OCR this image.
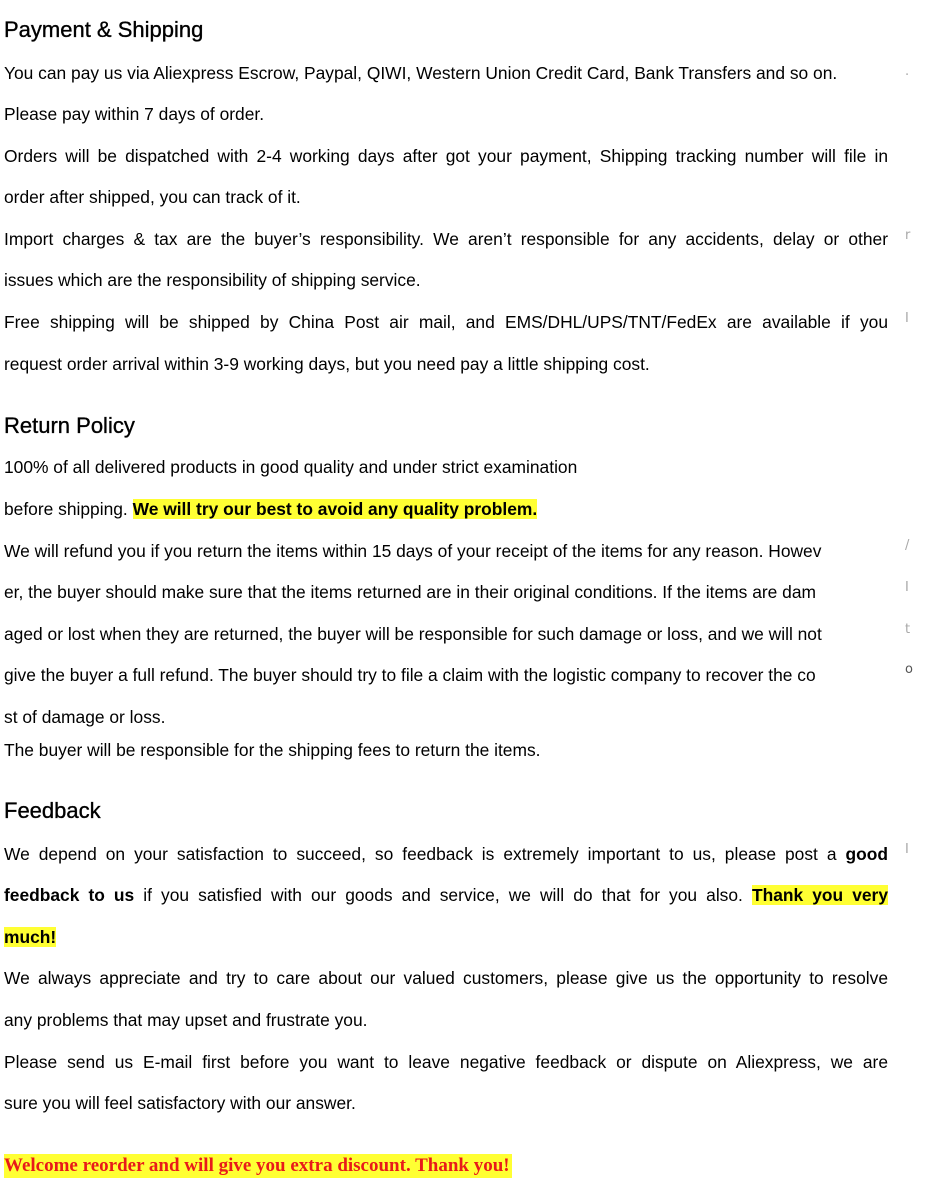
Payment & Shipping
You can pay us via Aliexpress Escrow, Paypal, QIWI, Western Union Credit Card, Bank Transfers and so on.
Please pay within 7 days of order.
Orders will be dispatched with 2-4 working days after got your payment, Shipping tracking number will file in
order after shipped, you can track of it.
Import charges & tax are the buyer’s responsibility. We aren’t responsible for any accidents, delay or other
issues which are the responsibility of shipping service.
Free shipping will be shipped by China Post air mail, and EMS/DHL/UPS/TNT/FedEx are available if you
request order arrival within 3-9 working days, but you need pay a little shipping cost.
Return Policy
100% of all delivered products in good quality and under strict examination
before shipping. We will try our best to avoid any quality problem.
We will refund you if you return the items within 15 days of your receipt of the items for any reason. Howev
er, the buyer should make sure that the items returned are in their original conditions. If the items are dam
aged or lost when they are returned, the buyer will be responsible for such damage or loss, and we will not
give the buyer a full refund. The buyer should try to file a claim with the logistic company to recover the co
st of damage or loss.
The buyer will be responsible for the shipping fees to return the items.
Feedback
We depend on your satisfaction to succeed, so feedback is extremely important to us, please post a good
feedback to us if you satisfied with our goods and service, we will do that for you also. Thank you very
much!
We always appreciate and try to care about our valued customers, please give us the opportunity to resolve
any problems that may upset and frustrate you.
Please send us E-mail first before you want to leave negative feedback or dispute on Aliexpress, we are
sure you will feel satisfactory with our answer.
Welcome reorder and will give you extra discount. Thank you!
.
r
I
/
I
t
o
I
